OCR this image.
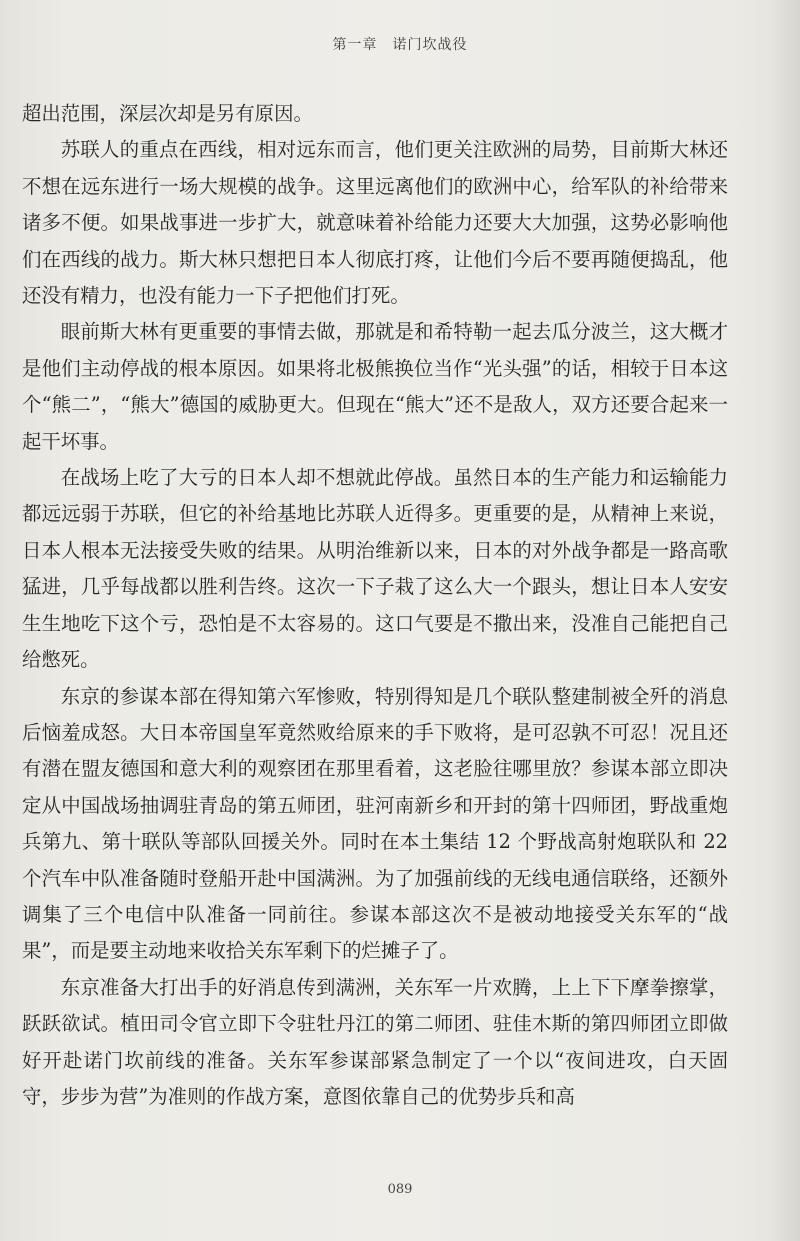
第一章　诺门坎战役

超出范围，深层次却是另有原因。

苏联人的重点在西线，相对远东而言，他们更关注欧洲的局势，目前斯大林还不想在远东进行一场大规模的战争。这里远离他们的欧洲中心，给军队的补给带来诸多不便。如果战事进一步扩大，就意味着补给能力还要大大加强，这势必影响他们在西线的战力。斯大林只想把日本人彻底打疼，让他们今后不要再随便捣乱，他还没有精力，也没有能力一下子把他们打死。

眼前斯大林有更重要的事情去做，那就是和希特勒一起去瓜分波兰，这大概才是他们主动停战的根本原因。如果将北极熊换位当作“光头强”的话，相较于日本这个“熊二”，“熊大”德国的威胁更大。但现在“熊大”还不是敌人，双方还要合起来一起干坏事。

在战场上吃了大亏的日本人却不想就此停战。虽然日本的生产能力和运输能力都远远弱于苏联，但它的补给基地比苏联人近得多。更重要的是，从精神上来说，日本人根本无法接受失败的结果。从明治维新以来，日本的对外战争都是一路高歌猛进，几乎每战都以胜利告终。这次一下子栽了这么大一个跟头，想让日本人安安生生地吃下这个亏，恐怕是不太容易的。这口气要是不撒出来，没准自己能把自己给憋死。

东京的参谋本部在得知第六军惨败，特别得知是几个联队整建制被全歼的消息后恼羞成怒。大日本帝国皇军竟然败给原来的手下败将，是可忍孰不可忍！况且还有潜在盟友德国和意大利的观察团在那里看着，这老脸往哪里放？参谋本部立即决定从中国战场抽调驻青岛的第五师团，驻河南新乡和开封的第十四师团，野战重炮兵第九、第十联队等部队回援关外。同时在本土集结 12 个野战高射炮联队和 22 个汽车中队准备随时登船开赴中国满洲。为了加强前线的无线电通信联络，还额外调集了三个电信中队准备一同前往。参谋本部这次不是被动地接受关东军的“战果”，而是要主动地来收拾关东军剩下的烂摊子了。

东京准备大打出手的好消息传到满洲，关东军一片欢腾，上上下下摩拳擦掌，跃跃欲试。植田司令官立即下令驻牡丹江的第二师团、驻佳木斯的第四师团立即做好开赴诺门坎前线的准备。关东军参谋部紧急制定了一个以“夜间进攻，白天固守，步步为营”为准则的作战方案，意图依靠自己的优势步兵和高

089
